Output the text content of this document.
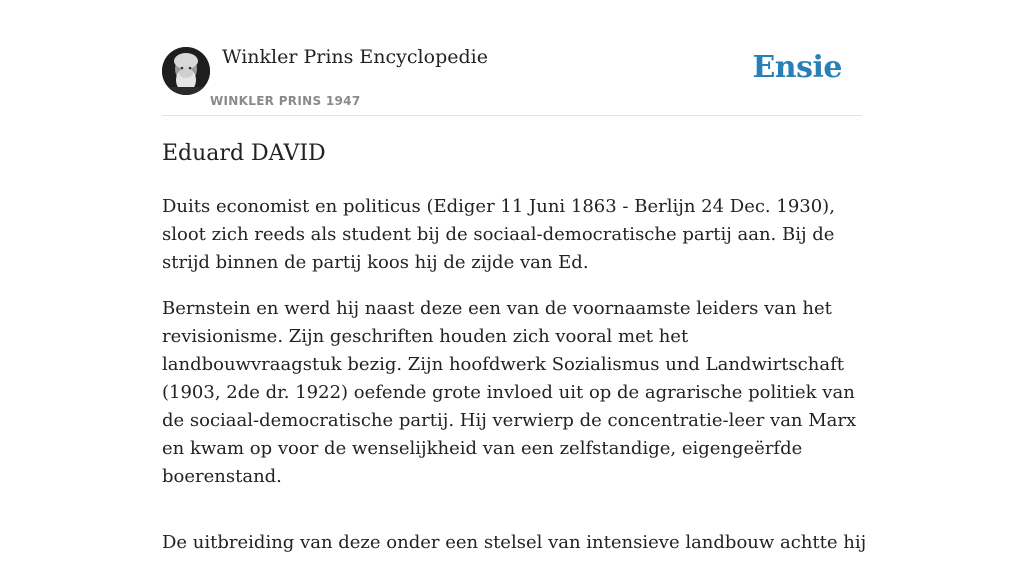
Winkler Prins Encyclopedie
WINKLER PRINS 1947
Ensie
Eduard DAVID

Duits economist en politicus (Ediger 11 Juni 1863 - Berlijn 24 Dec. 1930), sloot zich reeds als student bij de sociaal-democratische partij aan. Bij de strijd binnen de partij koos hij de zijde van Ed.

Bernstein en werd hij naast deze een van de voornaamste leiders van het revisionisme. Zijn geschriften houden zich vooral met het landbouwvraagstuk bezig. Zijn hoofdwerk Sozialismus und Landwirtschaft (1903, 2de dr. 1922) oefende grote invloed uit op de agrarische politiek van de sociaal-democratische partij. Hij verwierp de concentratie-leer van Marx en kwam op voor de wenselijkheid van een zelfstandige, eigengeërfde boerenstand.

De uitbreiding van deze onder een stelsel van intensieve landbouw achtte hij
